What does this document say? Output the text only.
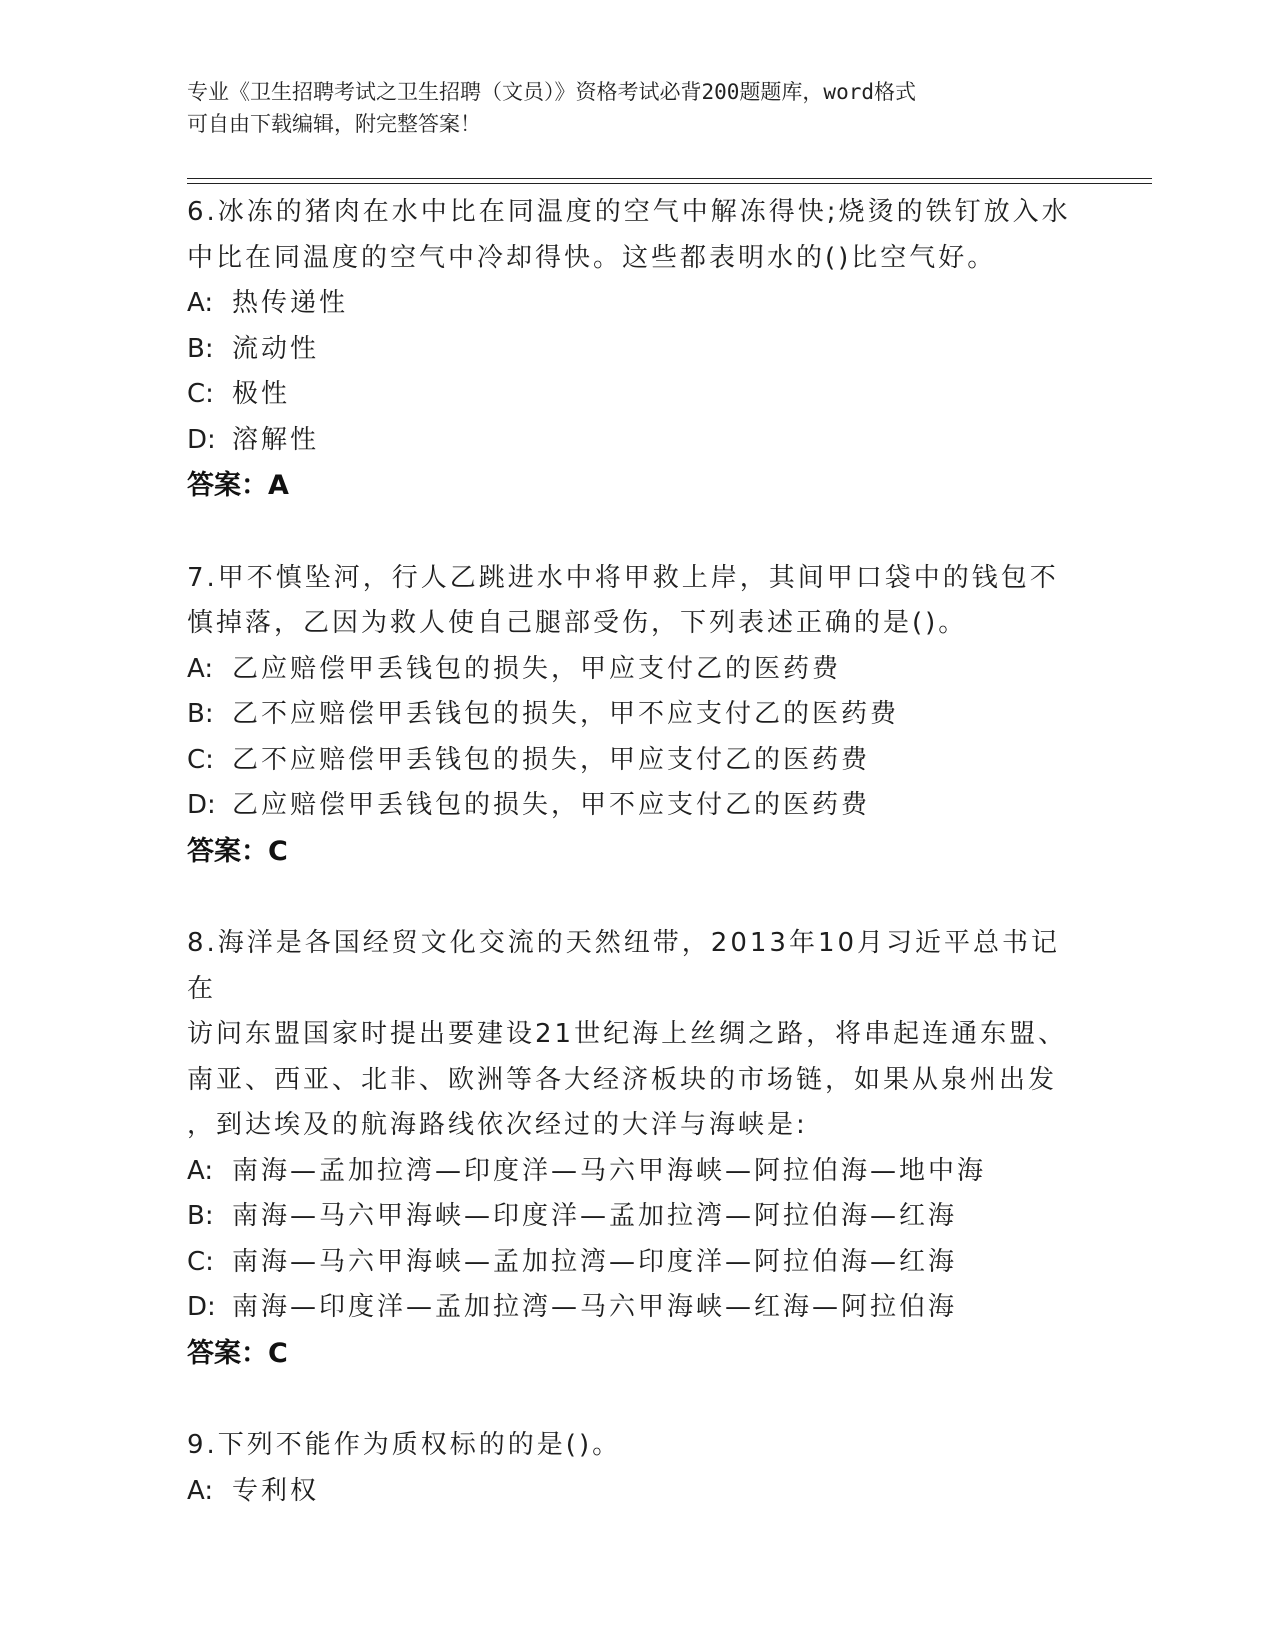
专业《卫生招聘考试之卫生招聘（文员）》资格考试必背200题题库，word格式
可自由下载编辑，附完整答案！
6.冰冻的猪肉在水中比在同温度的空气中解冻得快;烧烫的铁钉放入水
中比在同温度的空气中冷却得快。这些都表明水的()比空气好。
A: 热传递性
B: 流动性
C: 极性
D: 溶解性
答案：A
7.甲不慎坠河，行人乙跳进水中将甲救上岸，其间甲口袋中的钱包不
慎掉落，乙因为救人使自己腿部受伤，下列表述正确的是()。
A: 乙应赔偿甲丢钱包的损失，甲应支付乙的医药费
B: 乙不应赔偿甲丢钱包的损失，甲不应支付乙的医药费
C: 乙不应赔偿甲丢钱包的损失，甲应支付乙的医药费
D: 乙应赔偿甲丢钱包的损失，甲不应支付乙的医药费
答案：C
8.海洋是各国经贸文化交流的天然纽带，2013年10月习近平总书记在
访问东盟国家时提出要建设21世纪海上丝绸之路，将串起连通东盟、
南亚、西亚、北非、欧洲等各大经济板块的市场链，如果从泉州出发
，到达埃及的航海路线依次经过的大洋与海峡是:
A: 南海—孟加拉湾—印度洋—马六甲海峡—阿拉伯海—地中海
B: 南海—马六甲海峡—印度洋—孟加拉湾—阿拉伯海—红海
C: 南海—马六甲海峡—孟加拉湾—印度洋—阿拉伯海—红海
D: 南海—印度洋—孟加拉湾—马六甲海峡—红海—阿拉伯海
答案：C
9.下列不能作为质权标的的是()。
A: 专利权
